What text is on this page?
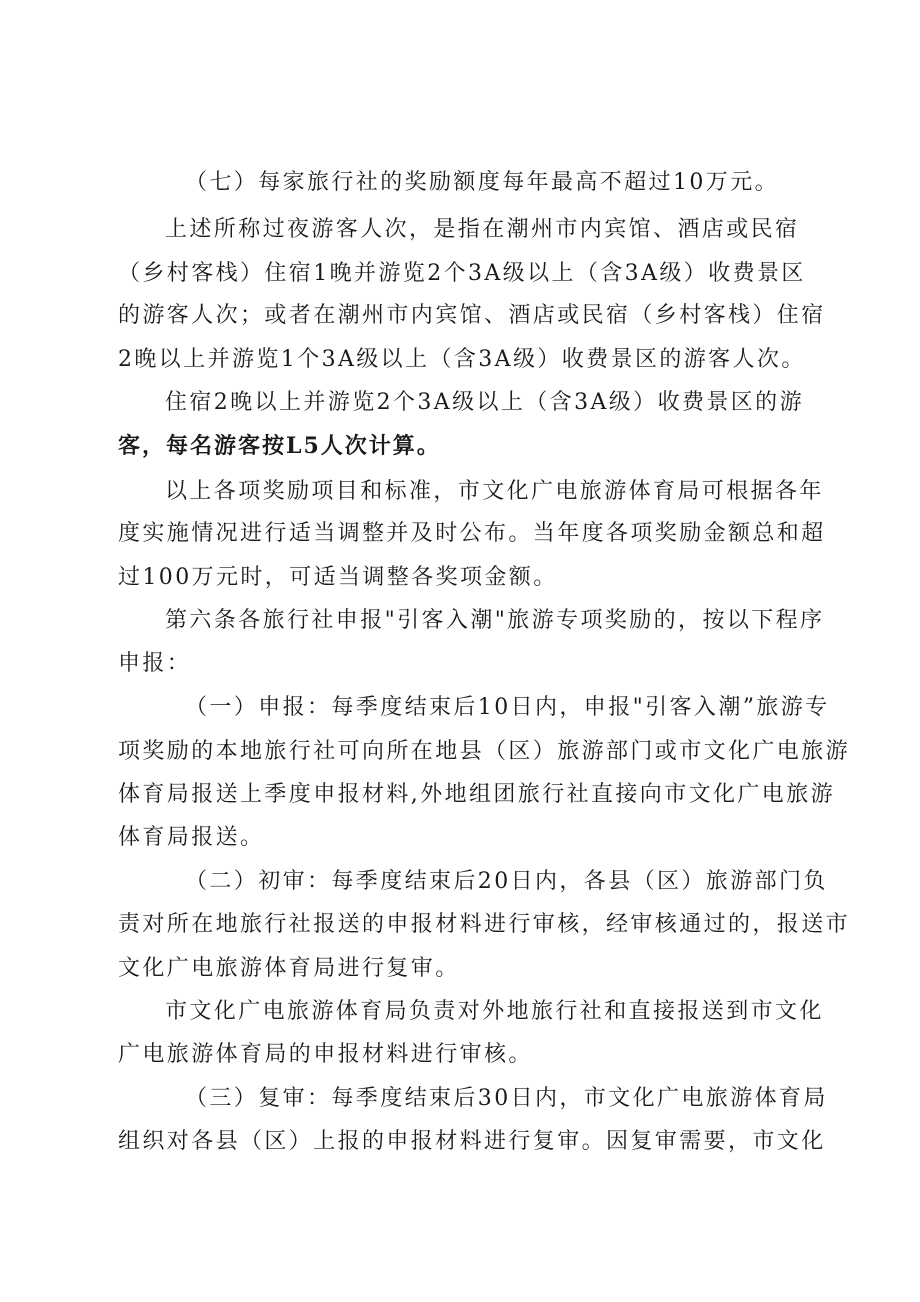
（七）每家旅行社的奖励额度每年最高不超过10万元。
上述所称过夜游客人次，是指在潮州市内宾馆、酒店或民宿
（乡村客栈）住宿1晚并游览2个3A级以上（含3A级）收费景区
的游客人次；或者在潮州市内宾馆、酒店或民宿（乡村客栈）住宿
2晚以上并游览1个3A级以上（含3A级）收费景区的游客人次。
住宿2晚以上并游览2个3A级以上（含3A级）收费景区的游
客，每名游客按L5人次计算。
以上各项奖励项目和标准，市文化广电旅游体育局可根据各年
度实施情况进行适当调整并及时公布。当年度各项奖励金额总和超
过100万元时，可适当调整各奖项金额。
第六条各旅行社申报"引客入潮"旅游专项奖励的，按以下程序
申报：
（一）申报：每季度结束后10日内，申报"引客入潮”旅游专
项奖励的本地旅行社可向所在地县（区）旅游部门或市文化广电旅游
体育局报送上季度申报材料,外地组团旅行社直接向市文化广电旅游
体育局报送。
（二）初审：每季度结束后20日内，各县（区）旅游部门负
责对所在地旅行社报送的申报材料进行审核，经审核通过的，报送市
文化广电旅游体育局进行复审。
市文化广电旅游体育局负责对外地旅行社和直接报送到市文化
广电旅游体育局的申报材料进行审核。
（三）复审：每季度结束后30日内，市文化广电旅游体育局
组织对各县（区）上报的申报材料进行复审。因复审需要，市文化
